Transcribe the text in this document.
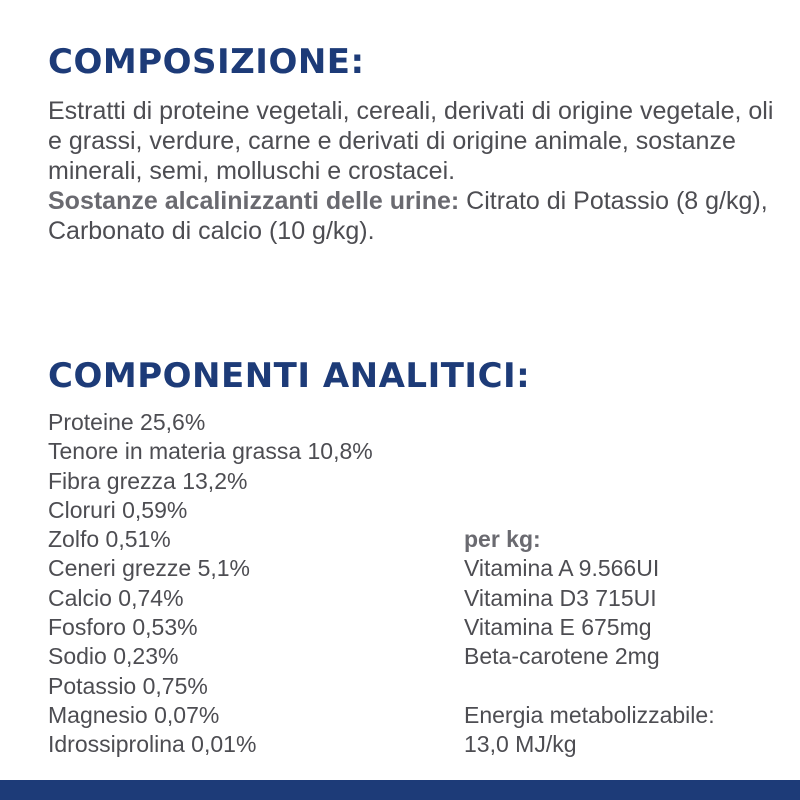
COMPOSIZIONE:

Estratti di proteine vegetali, cereali, derivati di origine vegetale, oli e grassi, verdure, carne e derivati di origine animale, sostanze minerali, semi, molluschi e crostacei.
Sostanze alcalinizzanti delle urine: Citrato di Potassio (8 g/kg), Carbonato di calcio (10 g/kg).

COMPONENTI ANALITICI:
Proteine 25,6%
Tenore in materia grassa 10,8%
Fibra grezza 13,2%
Cloruri 0,59%
Zolfo 0,51%
Ceneri grezze 5,1%
Calcio 0,74%
Fosforo 0,53%
Sodio 0,23%
Potassio 0,75%
Magnesio 0,07%
Idrossiprolina 0,01%
per kg:
Vitamina A 9.566UI
Vitamina D3 715UI
Vitamina E 675mg
Beta-carotene 2mg
Energia metabolizzabile:
13,0 MJ/kg
